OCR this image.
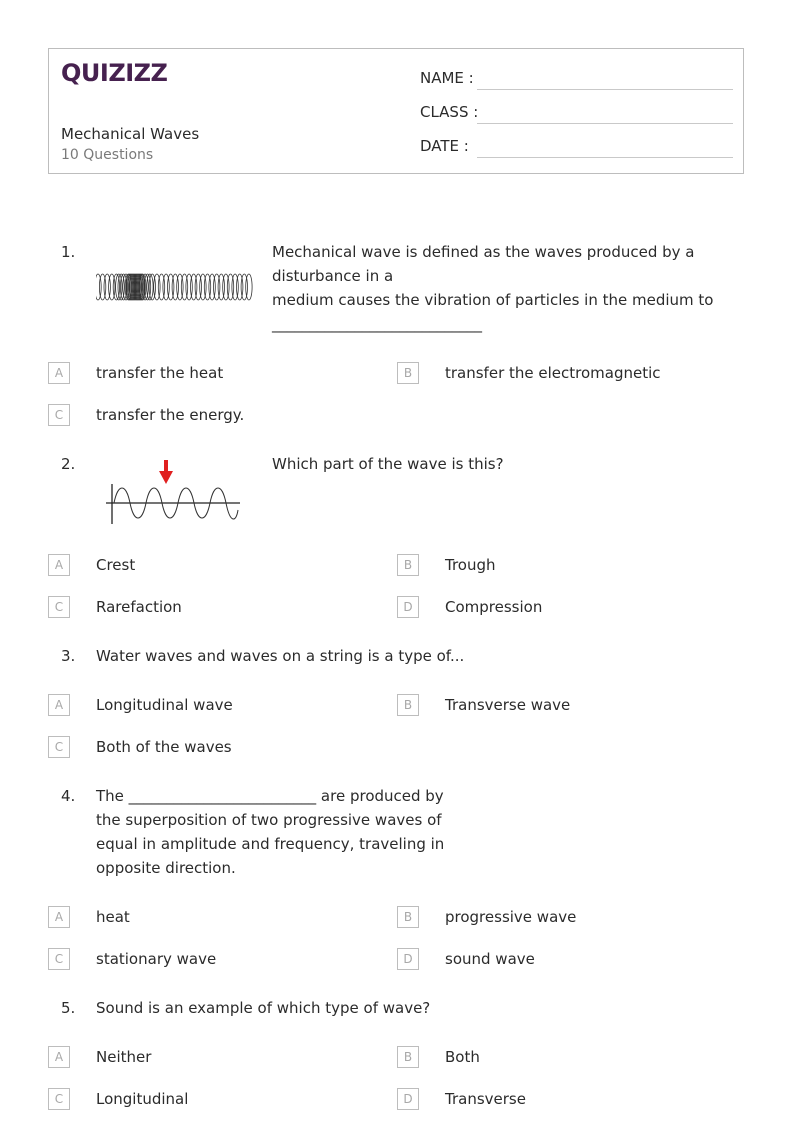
QUIZIZZ
Mechanical Waves
10 Questions
NAME :
CLASS :
DATE :
1.	Mechanical wave is defined as the waves produced by a
disturbance in a
medium causes the vibration of particles in the medium to
____________________________
A	transfer the heat	B	transfer the electromagnetic
C	transfer the energy.
2.	Which part of the wave is this?
A	Crest	B	Trough
C	Rarefaction	D	Compression
3. Water waves and waves on a string is a type of...
A	Longitudinal wave	B	Transverse wave
C	Both of the waves
4. The _________________________ are produced by
the superposition of two progressive waves of
equal in amplitude and frequency, traveling in
opposite direction.
A	heat	B	progressive wave
C	stationary wave	D	sound wave
5. Sound is an example of which type of wave?
A	Neither	B	Both
C	Longitudinal	D	Transverse
